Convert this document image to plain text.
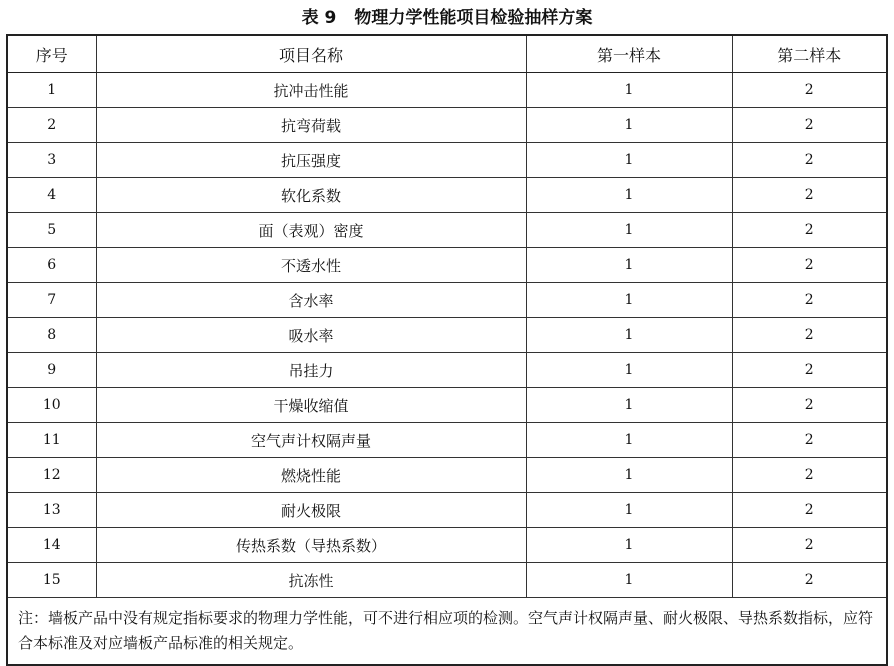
表 9 物理力学性能项目检验抽样方案
序号	项目名称	第一样本	第二样本
1	抗冲击性能	1	2
2	抗弯荷载	1	2
3	抗压强度	1	2
4	软化系数	1	2
5	面（表观）密度	1	2
6	不透水性	1	2
7	含水率	1	2
8	吸水率	1	2
9	吊挂力	1	2
10	干燥收缩值	1	2
11	空气声计权隔声量	1	2
12	燃烧性能	1	2
13	耐火极限	1	2
14	传热系数（导热系数）	1	2
15	抗冻性	1	2
注：墙板产品中没有规定指标要求的物理力学性能，可不进行相应项的检测。空气声计权隔声量、耐火极限、导热系数指标，应符合本标准及对应墙板产品标准的相关规定。			
